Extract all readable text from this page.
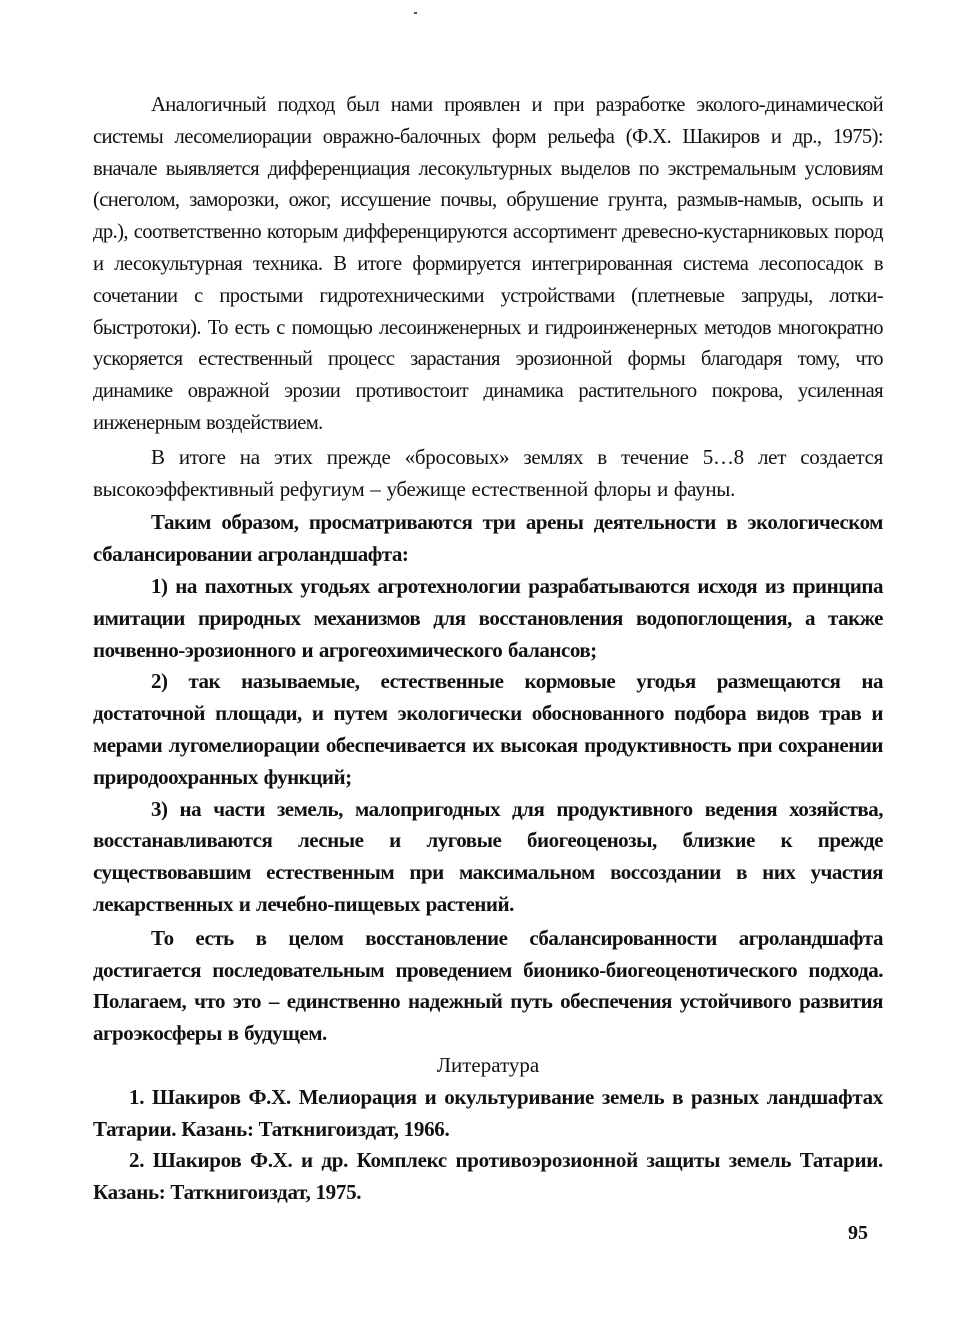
Аналогичный подход был нами проявлен и при разработке эколого-динамической системы лесомелиорации овражно-балочных форм рельефа (Ф.Х. Шакиров и др., 1975): вначале выявляется дифференциация лесокультурных выделов по экстремальным условиям (снеголом, заморозки, ожог, иссушение почвы, обрушение грунта, размыв-намыв, осыпь и др.), соответственно которым дифференцируются ассортимент древесно-кустарниковых пород и лесокультурная техника. В итоге формируется интегрированная система лесопосадок в сочетании с простыми гидротехническими устройствами (плетневые запруды, лотки-быстротоки). То есть с помощью лесоинженерных и гидроинженерных методов многократно ускоряется естественный процесс зарастания эрозионной формы благодаря тому, что динамике овражной эрозии противостоит динамика растительного покрова, усиленная инженерным воздействием.

В итоге на этих прежде «бросовых» землях в течение 5…8 лет создается высокоэффективный рефугиум – убежище естественной флоры и фауны.

Таким образом, просматриваются три арены деятельности в экологическом сбалансировании агроландшафта:

1) на пахотных угодьях агротехнологии разрабатываются исходя из принципа имитации природных механизмов для восстановления водопоглощения, а также почвенно-эрозионного и агрогеохимического балансов;

2) так называемые, естественные кормовые угодья размещаются на достаточной площади, и путем экологически обоснованного подбора видов трав и мерами лугомелиорации обеспечивается их высокая продуктивность при сохранении природоохранных функций;

3) на части земель, малопригодных для продуктивного ведения хозяйства, восстанавливаются лесные и луговые биогеоценозы, близкие к прежде существовавшим естественным при максимальном воссоздании в них участия лекарственных и лечебно-пищевых растений.

То есть в целом восстановление сбалансированности агроландшафта достигается последовательным проведением бионико-биогеоценотического подхода. Полагаем, что это – единственно надежный путь обеспечения устойчивого развития агроэкосферы в будущем.

Литература

1. Шакиров Ф.Х. Мелиорация и окультуривание земель в разных ландшафтах Татарии. Казань: Таткнигоиздат, 1966.

2. Шакиров Ф.Х. и др. Комплекс противоэрозионной защиты земель Татарии. Казань: Таткнигоиздат, 1975.

95
